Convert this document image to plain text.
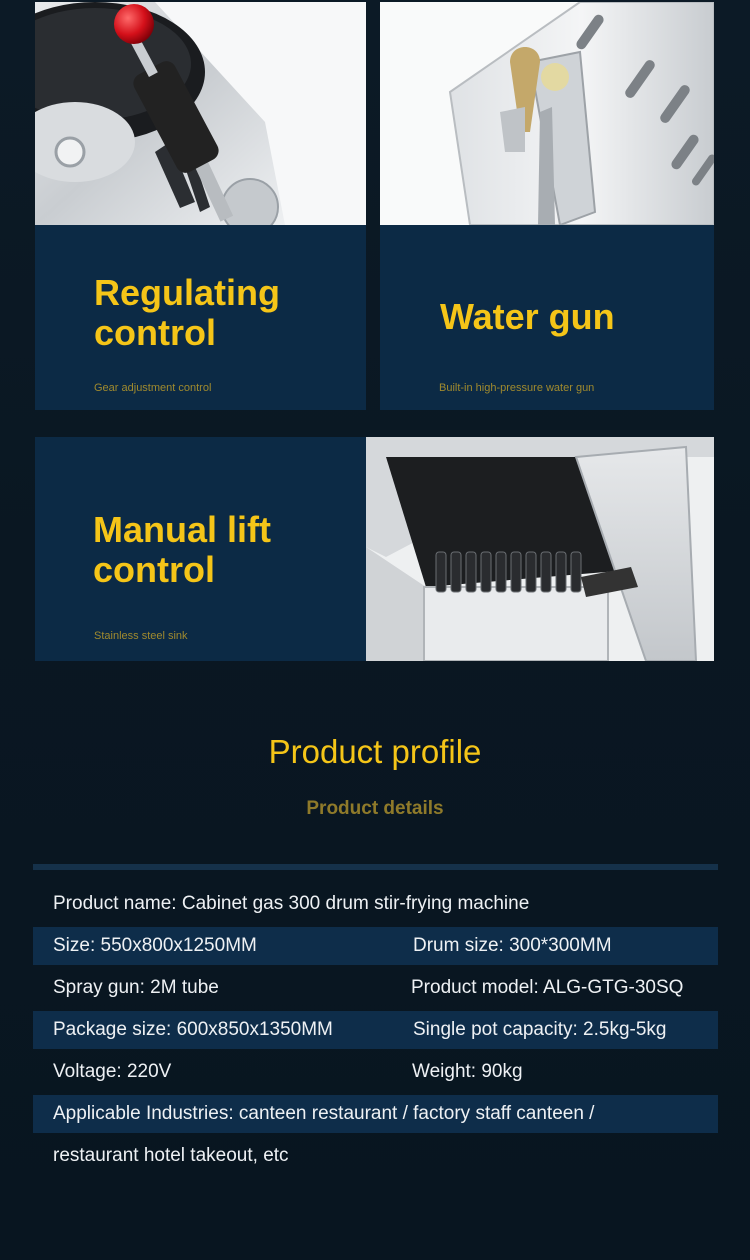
Regulating
control
Gear adjustment control
Water gun
Built-in high-pressure water gun
Manual lift
control
Stainless steel sink
Product profile
Product details
Product name: Cabinet gas 300 drum stir-frying machine
Size: 550x800x1250MM	Drum size: 300*300MM
Spray gun: 2M tube	Product model: ALG-GTG-30SQ
Package size: 600x850x1350MM	Single pot capacity: 2.5kg-5kg
Voltage: 220V	Weight: 90kg
Applicable Industries: canteen restaurant / factory staff canteen /
restaurant hotel takeout, etc
